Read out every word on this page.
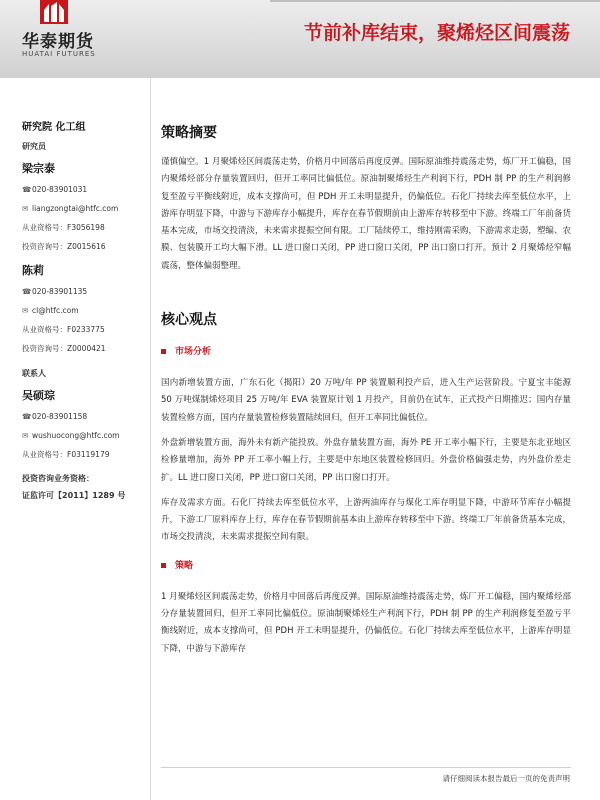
华泰期货
HUATAI FUTURES
节前补库结束，聚烯烃区间震荡
研究院 化工组
研究员
梁宗泰
☎020-83901031
✉ liangzongtai@htfc.com
从业资格号：F3056198
投资咨询号：Z0015616
陈莉
☎020-83901135
✉ cl@htfc.com
从业资格号：F0233775
投资咨询号：Z0000421
联系人
吴硕琮
☎020-83901158
✉ wushuocong@htfc.com
从业资格号：F03119179
投资咨询业务资格：
证监许可【2011】1289 号
策略摘要

谨慎偏空。1 月聚烯烃区间震荡走势，价格月中回落后再度反弹。国际原油维持震荡走势，炼厂开工偏稳，国内聚烯烃部分存量装置回归，但开工率同比偏低位。原油制聚烯烃生产利润下行，PDH 制 PP 的生产利润修复至盈亏平衡线附近，成本支撑尚可，但 PDH 开工未明显提升，仍偏低位。石化厂持续去库至低位水平，上游库存明显下降，中游与下游库存小幅提升，库存在春节假期前由上游库存转移至中下游。终端工厂年前备货基本完成，市场交投清淡，未来需求提振空间有限。工厂陆续停工，维持刚需采购，下游需求走弱，塑编、农膜、包装膜开工均大幅下滑。LL 进口窗口关闭，PP 进口窗口关闭，PP 出口窗口打开。预计 2 月聚烯烃窄幅震荡，整体偏弱整理。

核心观点
市场分析

国内新增装置方面，广东石化（揭阳）20 万吨/年 PP 装置顺利投产后，进入生产运营阶段。宁夏宝丰能源 50 万吨煤制烯烃项目 25 万吨/年 EVA 装置原计划 1 月投产，目前仍在试车，正式投产日期推迟；国内存量装置检修方面，国内存量装置检修装置陆续回归，但开工率同比偏低位。

外盘新增装置方面，海外未有新产能投放。外盘存量装置方面，海外 PE 开工率小幅下行，主要是东北亚地区检修量增加，海外 PP 开工率小幅上行，主要是中东地区装置检修回归。外盘价格偏强走势，内外盘价差走扩。LL 进口窗口关闭，PP 进口窗口关闭，PP 出口窗口打开。

库存及需求方面。石化厂持续去库至低位水平，上游两油库存与煤化工库存明显下降，中游环节库存小幅提升，下游工厂原料库存上行，库存在春节假期前基本由上游库存转移至中下游。终端工厂年前备货基本完成，市场交投清淡，未来需求提振空间有限。

策略

1 月聚烯烃区间震荡走势，价格月中回落后再度反弹。国际原油维持震荡走势，炼厂开工偏稳，国内聚烯烃部分存量装置回归，但开工率同比偏低位。原油制聚烯烃生产利润下行，PDH 制 PP 的生产利润修复至盈亏平衡线附近，成本支撑尚可，但 PDH 开工未明显提升，仍偏低位。石化厂持续去库至低位水平，上游库存明显下降，中游与下游库存

请仔细阅读本报告最后一页的免责声明
